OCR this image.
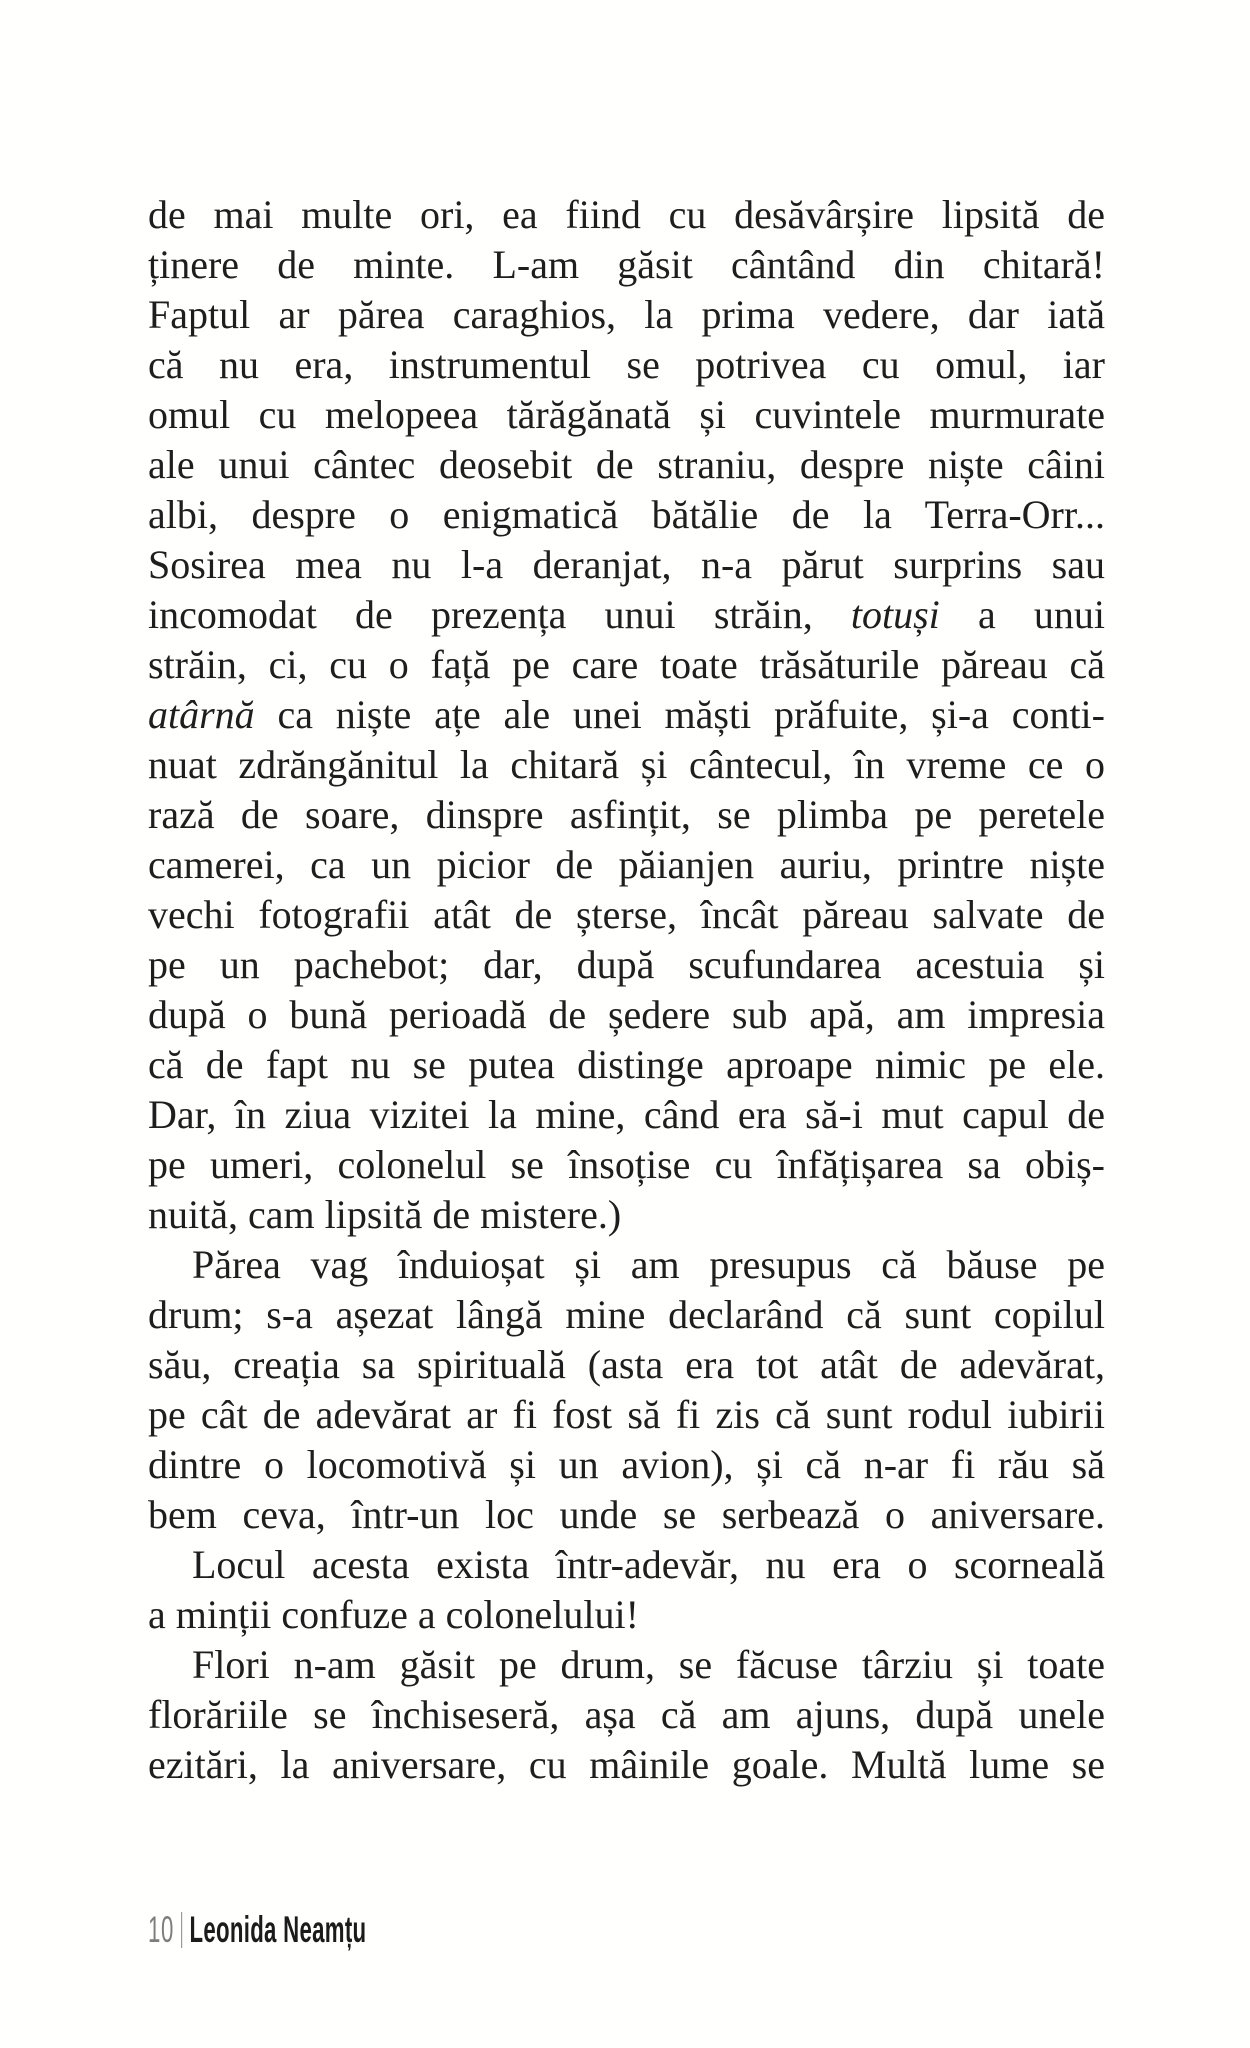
de mai multe ori, ea fiind cu desăvârșire lipsită de
ținere de minte. L-am găsit cântând din chitară!
Faptul ar părea caraghios, la prima vedere, dar iată
că nu era, instrumentul se potrivea cu omul, iar
omul cu melopeea tărăgănată și cuvintele murmurate
ale unui cântec deosebit de straniu, despre niște câini
albi, despre o enigmatică bătălie de la Terra-Orr...
Sosirea mea nu l-a deranjat, n-a părut surprins sau
incomodat de prezența unui străin, totuși a unui
străin, ci, cu o față pe care toate trăsăturile păreau că
atârnă ca niște ațe ale unei măști prăfuite, și-a conti-
nuat zdrăngănitul la chitară și cântecul, în vreme ce o
rază de soare, dinspre asfințit, se plimba pe peretele
camerei, ca un picior de păianjen auriu, printre niște
vechi fotografii atât de șterse, încât păreau salvate de
pe un pachebot; dar, după scufundarea acestuia și
după o bună perioadă de ședere sub apă, am impresia
că de fapt nu se putea distinge aproape nimic pe ele.
Dar, în ziua vizitei la mine, când era să-i mut capul de
pe umeri, colonelul se însoțise cu înfățișarea sa obiș-
nuită, cam lipsită de mistere.)
Părea vag înduioșat și am presupus că băuse pe
drum; s-a așezat lângă mine declarând că sunt copilul
său, creația sa spirituală (asta era tot atât de adevărat,
pe cât de adevărat ar fi fost să fi zis că sunt rodul iubirii
dintre o locomotivă și un avion), și că n-ar fi rău să
bem ceva, într-un loc unde se serbează o aniversare.
Locul acesta exista într-adevăr, nu era o scorneală
a minții confuze a colonelului!
Flori n-am găsit pe drum, se făcuse târziu și toate
florăriile se închiseseră, așa că am ajuns, după unele
ezitări, la aniversare, cu mâinile goale. Multă lume se
10 Leonida Neamțu
